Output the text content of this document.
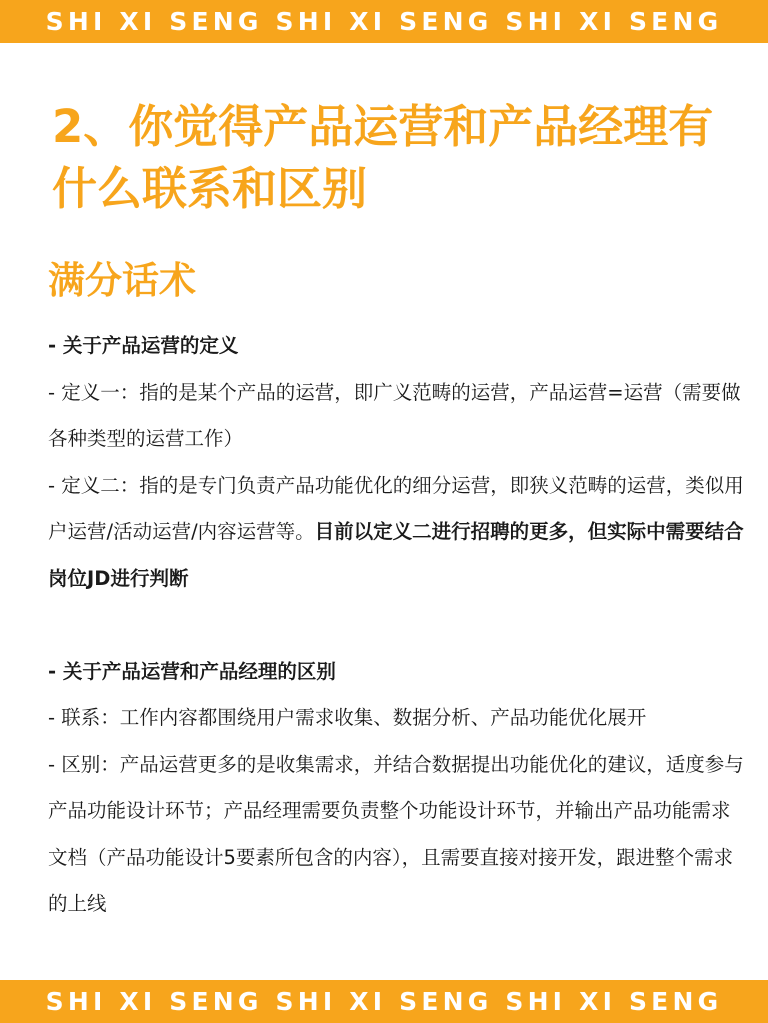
SHI XI SENG SHI XI SENG SHI XI SENG
2、你觉得产品运营和产品经理有什么联系和区别
满分话术

- 关于产品运营的定义

- 定义一：指的是某个产品的运营，即广义范畴的运营，产品运营=运营（需要做各种类型的运营工作）

- 定义二：指的是专门负责产品功能优化的细分运营，即狭义范畴的运营，类似用户运营/活动运营/内容运营等。目前以定义二进行招聘的更多，但实际中需要结合岗位JD进行判断

- 关于产品运营和产品经理的区别

- 联系：工作内容都围绕用户需求收集、数据分析、产品功能优化展开

- 区别：产品运营更多的是收集需求，并结合数据提出功能优化的建议，适度参与产品功能设计环节；产品经理需要负责整个功能设计环节，并输出产品功能需求文档（产品功能设计5要素所包含的内容），且需要直接对接开发，跟进整个需求的上线

SHI XI SENG SHI XI SENG SHI XI SENG
